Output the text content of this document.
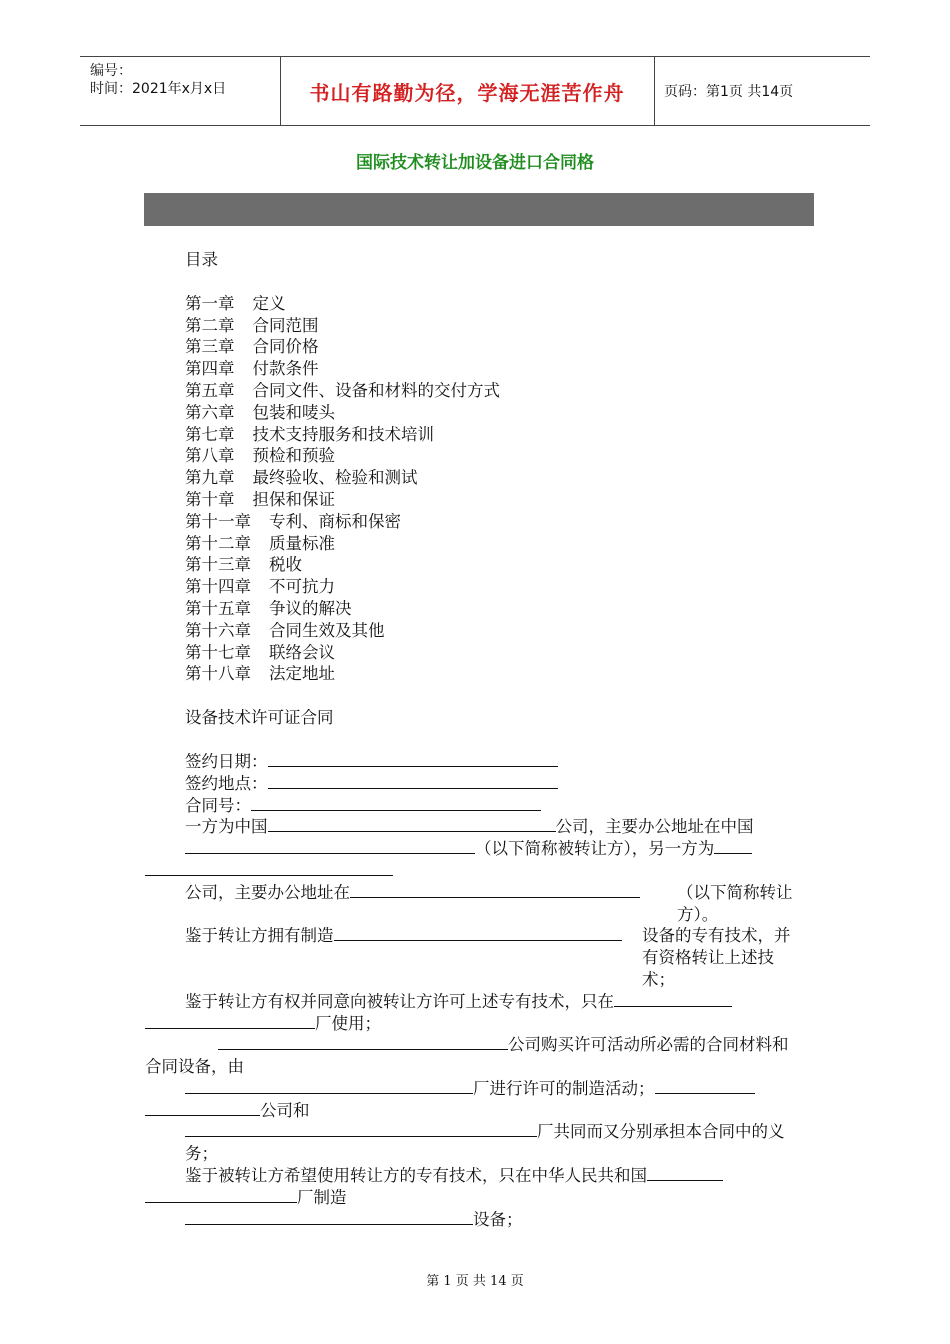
编号：
时间：2021年x月x日	书山有路勤为径，学海无涯苦作舟	页码：第1页 共14页
国际技术转让加设备进口合同格
目录
第一章 定义
第二章 合同范围
第三章 合同价格
第四章 付款条件
第五章 合同文件、设备和材料的交付方式
第六章 包装和唛头
第七章 技术支持服务和技术培训
第八章 预检和预验
第九章 最终验收、检验和测试
第十章 担保和保证
第十一章 专利、商标和保密
第十二章 质量标准
第十三章 税收
第十四章 不可抗力
第十五章 争议的解决
第十六章 合同生效及其他
第十七章 联络会议
第十八章 法定地址
设备技术许可证合同
签约日期：
签约地点：
合同号：
一方为中国	公司，主要办公地址在中国
（以下简称被转让方），另一方为
公司，主要办公地址在	（以下简称转让方）。
鉴于转让方拥有制造	设备的专有技术，并有资格转让上述技术；
鉴于转让方有权并同意向被转让方许可上述专有技术，只在
厂使用；
公司购买许可活动所必需的合同材料和合同设备，由
厂进行许可的制造活动；
公司和
厂共同而又分别承担本合同中的义务；
鉴于被转让方希望使用转让方的专有技术，只在中华人民共和国
厂制造
设备；
第 1 页 共 14 页
